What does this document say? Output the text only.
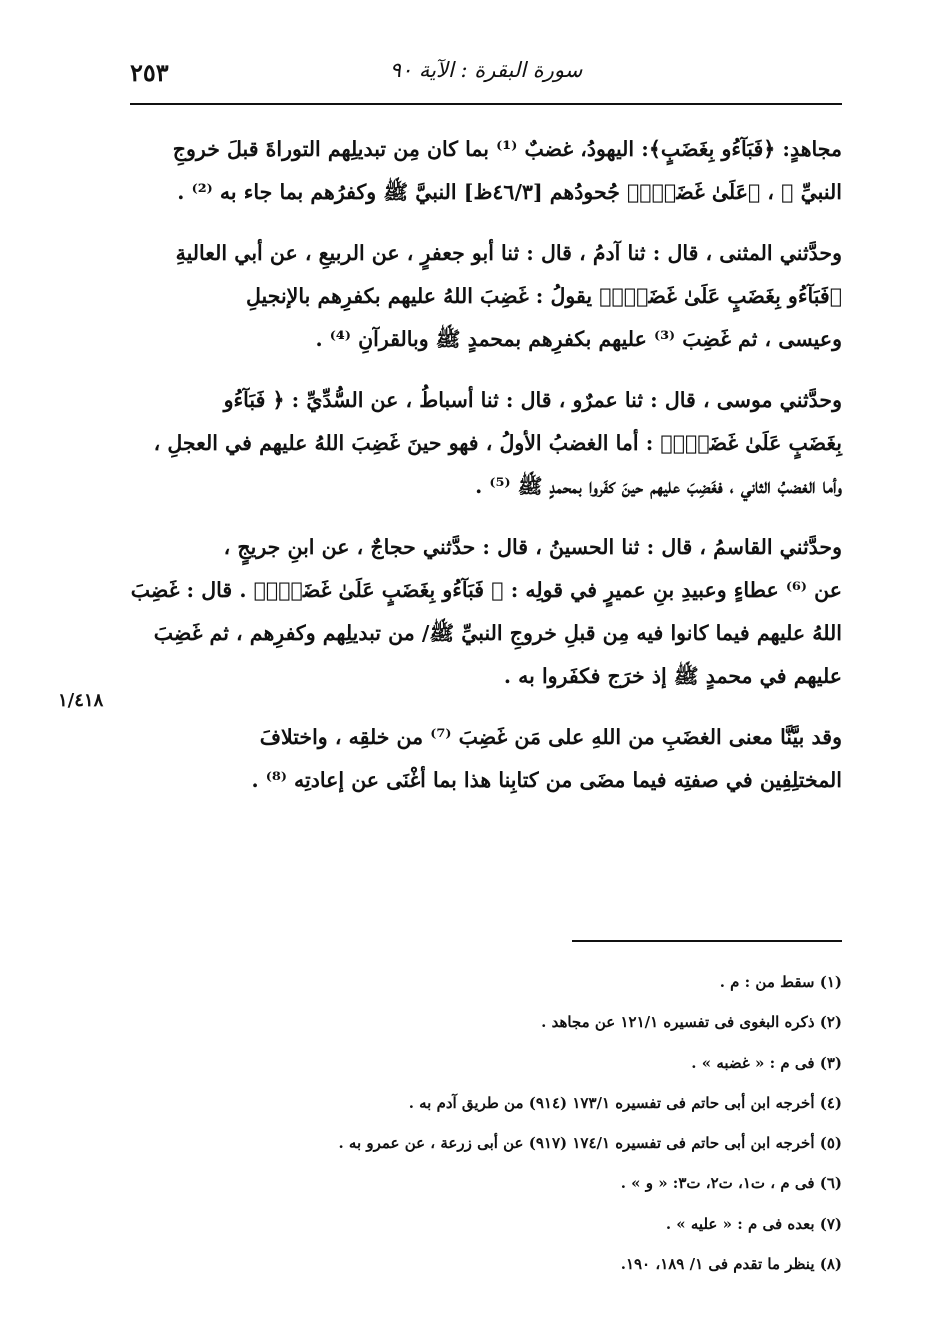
سورة البقرة : الآية ٩٠
٢٥٣

مجاهدٍ: ﴿فَبَآءُو بِغَضَبٍ﴾: اليهودُ، غضبٌ ⁽¹⁾ بما كان مِن تبديلِهم التوراةَ قبلَ خروجِ

النبيِّ ﷺ ، ﴿عَلَىٰ غَضَبٍۚ﴾ جُحودُهم [٤٦/٣ظ] النبيَّ ﷺ وكفرُهم بما جاء به ⁽²⁾ .

وحدَّثني المثنى ، قال : ثنا آدمُ ، قال : ثنا أبو جعفرٍ ، عن الربيعِ ، عن أبي العاليةِ

﴿فَبَآءُو بِغَضَبٍ عَلَىٰ غَضَبٍۚ﴾ يقولُ : غَضِبَ اللهُ عليهم بكفرِهم بالإنجيلِ

وعيسى ، ثم غَضِبَ ⁽³⁾ عليهم بكفرِهم بمحمدٍ ﷺ وبالقرآنِ ⁽⁴⁾ .

وحدَّثني موسى ، قال : ثنا عمرٌو ، قال : ثنا أسباطُ ، عن السُّدِّيِّ : ﴿ فَبَآءُو

بِغَضَبٍ عَلَىٰ غَضَبٍۚ﴾ : أما الغضبُ الأولُ ، فهو حينَ غَضِبَ اللهُ عليهم في العجلِ ،

وأما الغضبُ الثاني ، فغَضِبَ عليهم حينَ كفَروا بمحمدٍ ﷺ ⁽⁵⁾ .

وحدَّثني القاسمُ ، قال : ثنا الحسينُ ، قال : حدَّثني حجاجٌ ، عن ابنِ جريجٍ ،

عن ⁽⁶⁾ عطاءٍ وعبيدِ بنِ عميرٍ في قولِه : ﴿ فَبَآءُو بِغَضَبٍ عَلَىٰ غَضَبٍۚ﴾ . قال : غَضِبَ

اللهُ عليهم فيما كانوا فيه مِن قبلِ خروجِ النبيِّ ﷺ/ من تبديلِهم وكفرِهم ، ثم غَضِبَ

عليهم في محمدٍ ﷺ إذ خرَج فكفَروا به .

وقد بيَّنَّا معنى الغضَبِ من اللهِ على مَن غَضِبَ ⁽⁷⁾ من خلقِه ، واختلافَ

المختلِفِين في صفتِه فيما مضَى من كتابِنا هذا بما أغْنَى عن إعادتِه ⁽⁸⁾ .

١/٤١٨
(١) سقط من : م .
(٢) ذكره البغوى فى تفسيره ١٢١/١ عن مجاهد .
(٣) فى م : « غضبه » .
(٤) أخرجه ابن أبى حاتم فى تفسيره ١٧٣/١ (٩١٤) من طريق آدم به .
(٥) أخرجه ابن أبى حاتم فى تفسيره ١٧٤/١ (٩١٧) عن أبى زرعة ، عن عمرو به .
(٦) فى م ، ت١، ت٢، ت٣: « و » .
(٧) بعده فى م : « عليه » .
(٨) ينظر ما تقدم فى ١/ ١٨٩، ١٩٠.
